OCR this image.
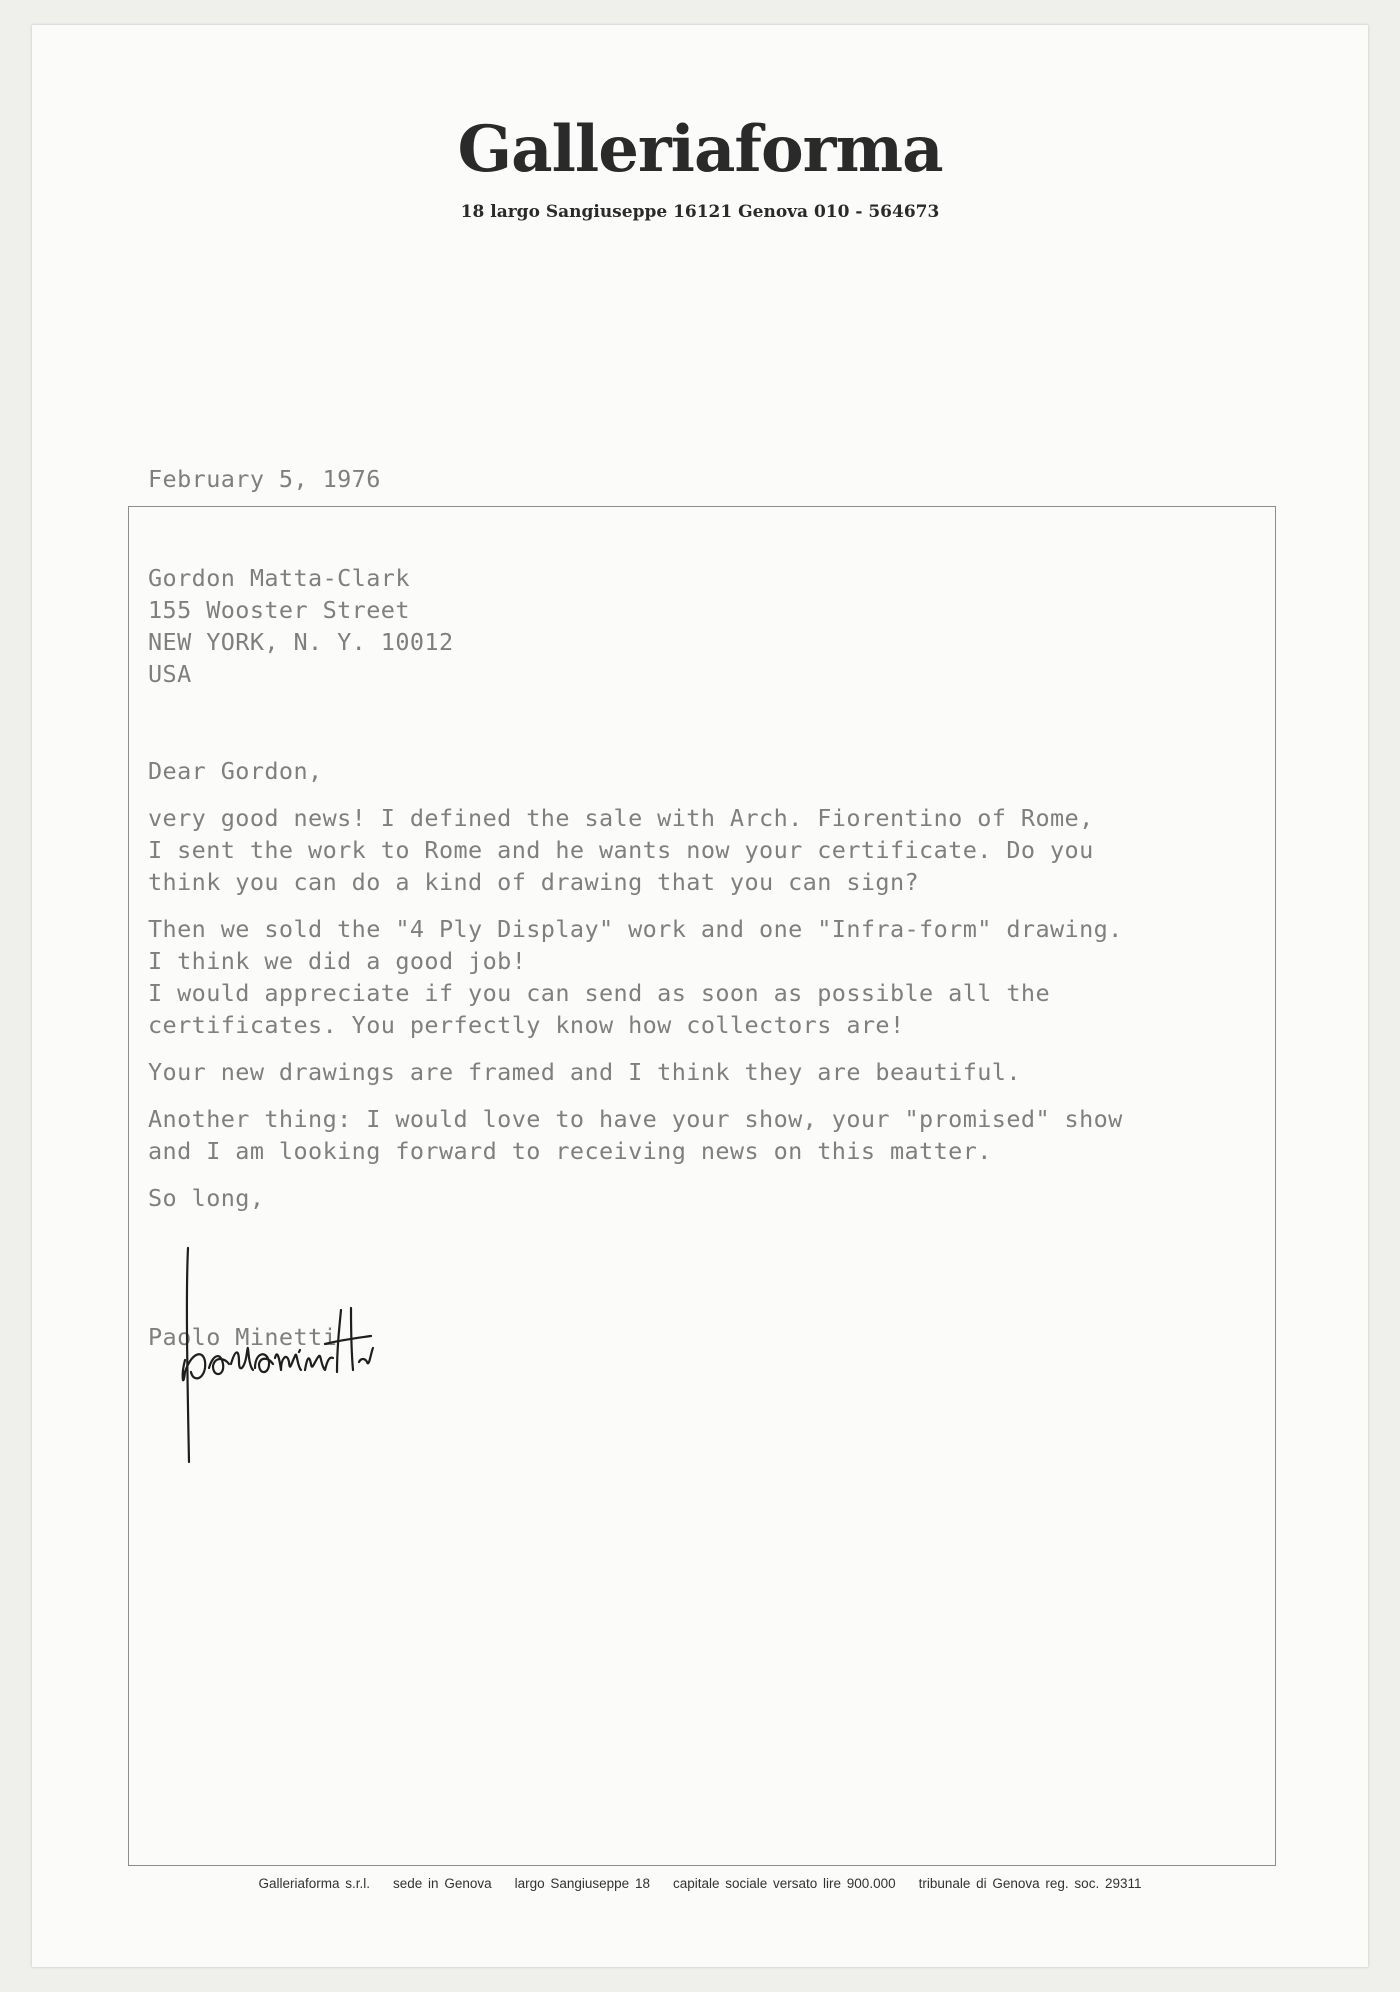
Galleriaforma
18 largo Sangiuseppe 16121 Genova 010 - 564673
February 5, 1976
Gordon Matta-Clark
155 Wooster Street
NEW YORK, N. Y. 10012
USA

Dear Gordon,

very good news! I defined the sale with Arch. Fiorentino of Rome,

I sent the work to Rome and he wants now your certificate. Do you

think you can do a kind of drawing that you can sign?

Then we sold the "4 Ply Display" work and one "Infra-form" drawing.

I think we did a good job!

I would appreciate if you can send as soon as possible all the

certificates. You perfectly know how collectors are!

Your new drawings are framed and I think they are beautiful.

Another thing: I would love to have your show, your "promised" show

and I am looking forward to receiving news on this matter.

So long,

Paolo Minetti
Galleriaforma s.r.l.    sede in Genova    largo Sangiuseppe 18    capitale sociale versato lire 900.000    tribunale di Genova reg. soc. 29311
